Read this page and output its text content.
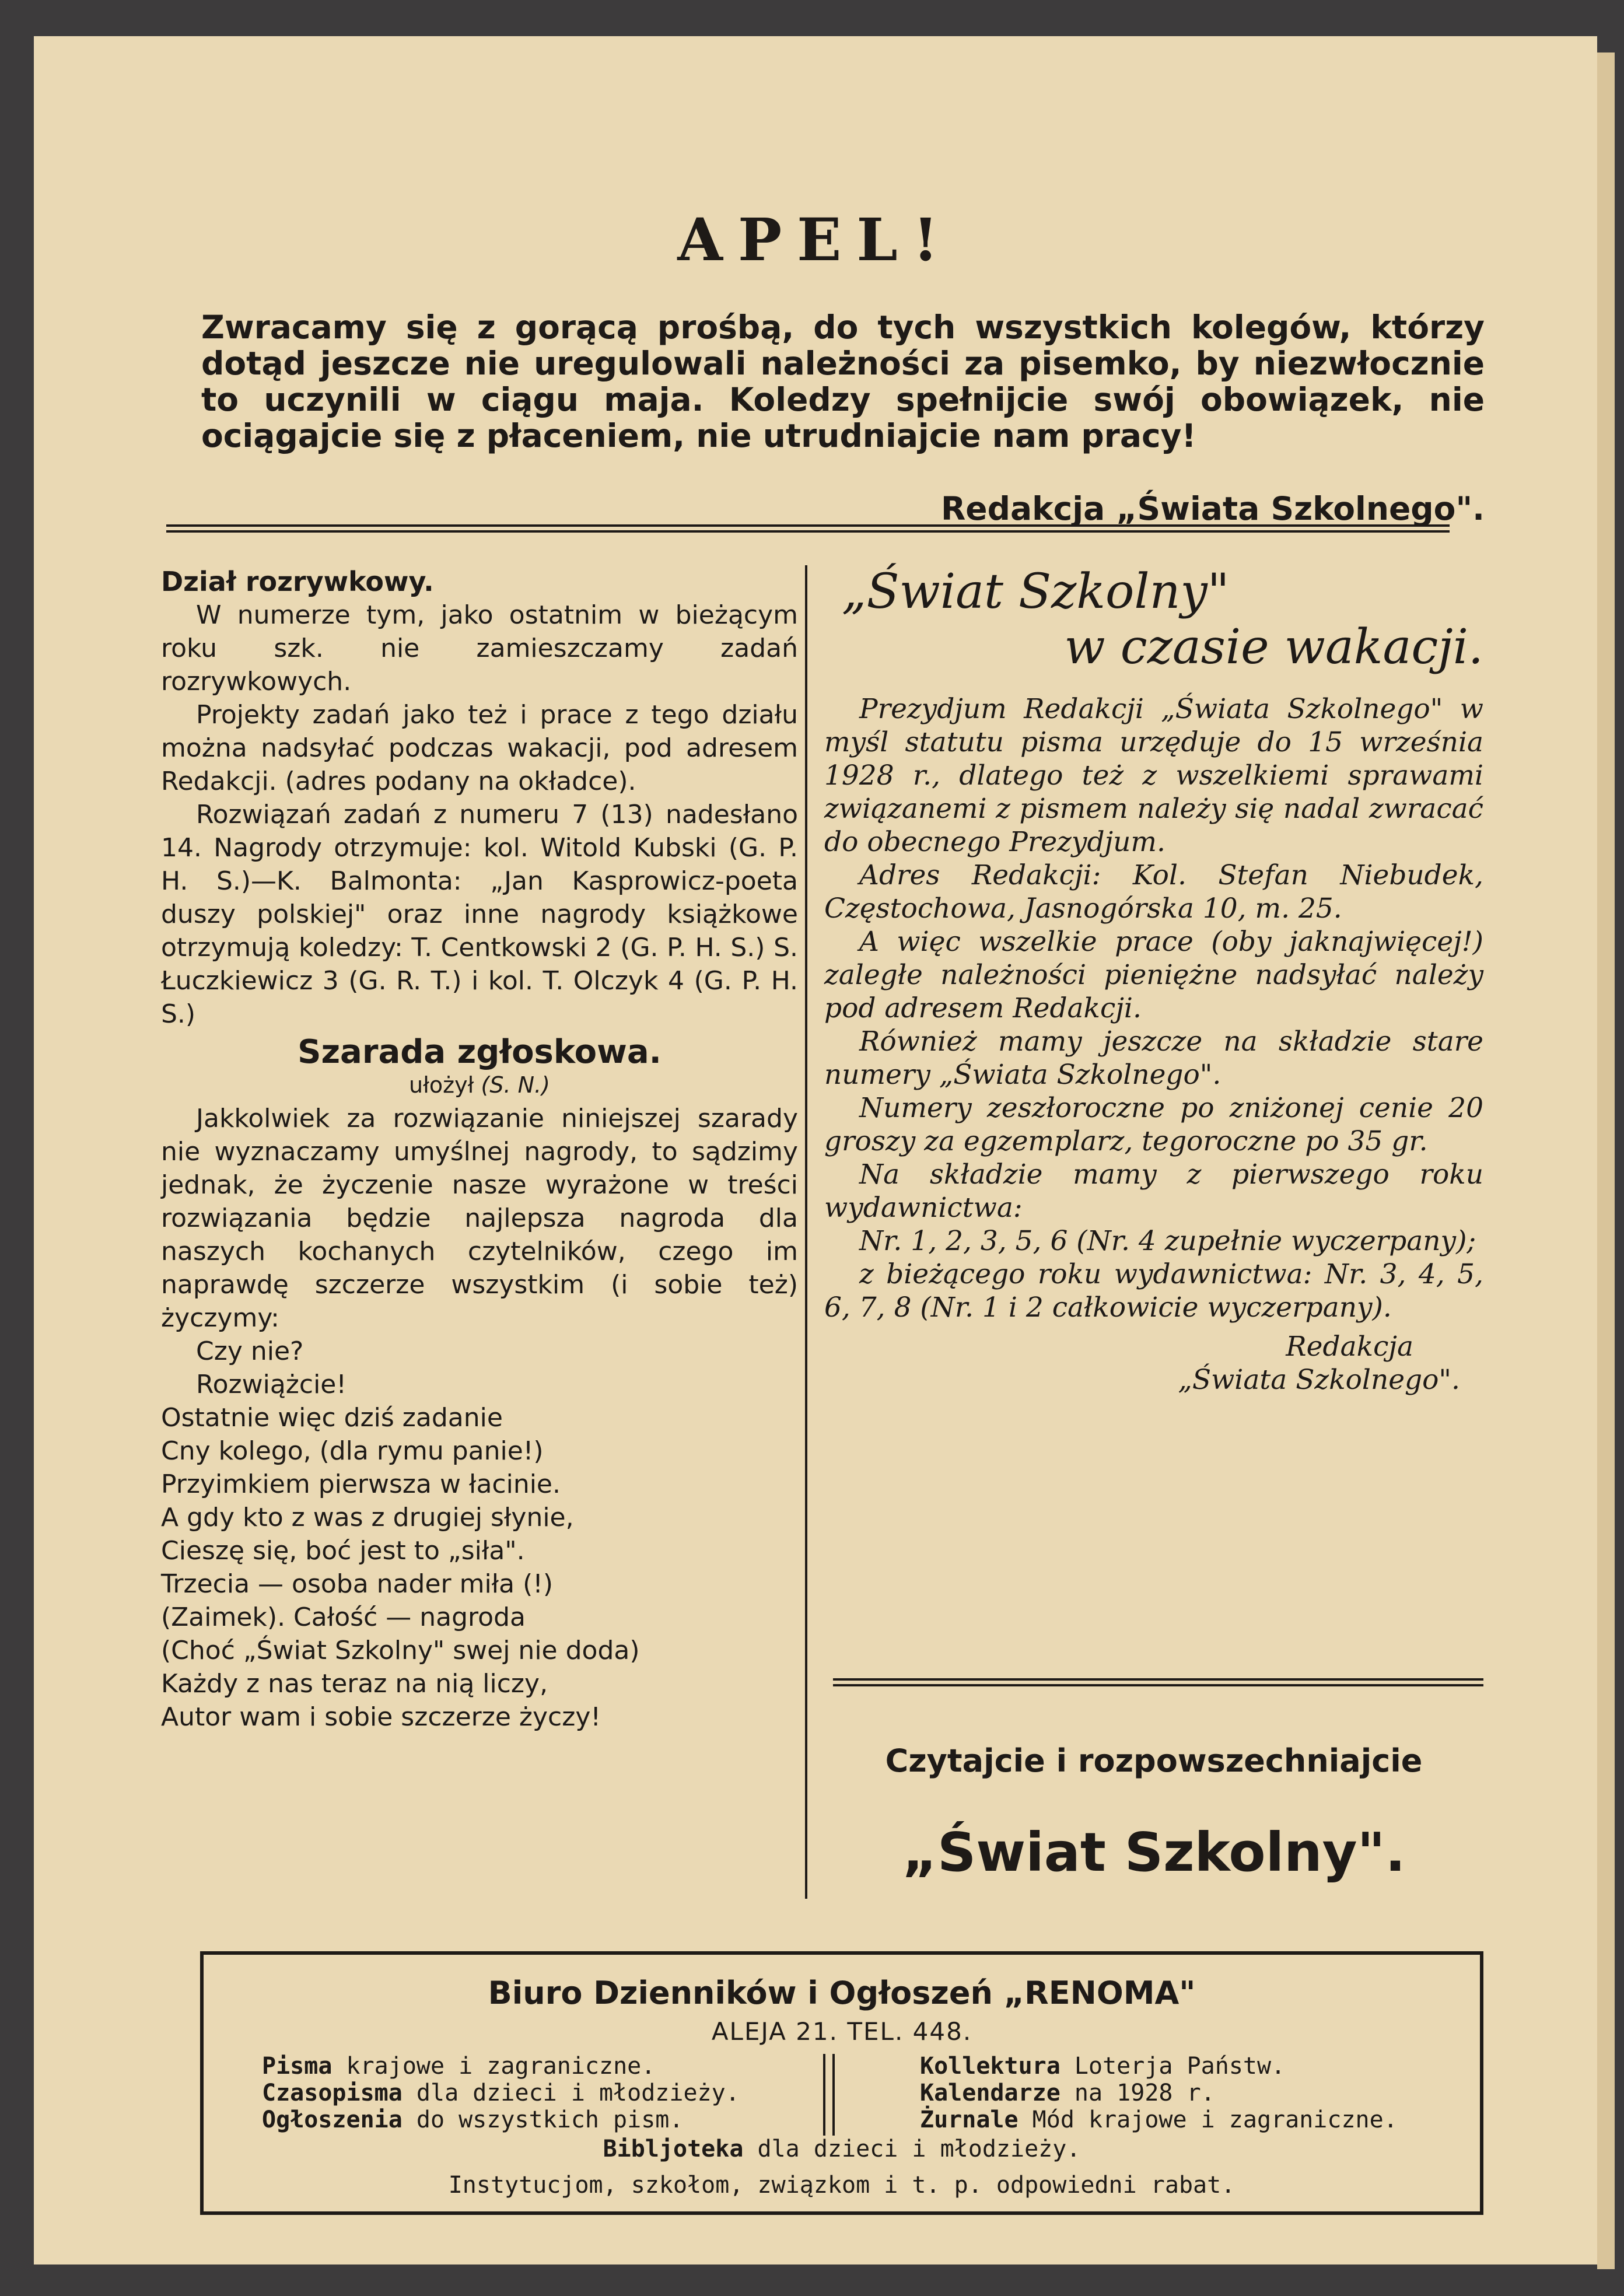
APEL!
Zwracamy się z gorącą prośbą, do tych wszystkich kolegów, którzy dotąd jeszcze nie uregulowali należności za pisemko, by niezwłocznie to uczynili w ciągu maja. Koledzy spełnijcie swój obowiązek, nie ociągajcie się z płaceniem, nie utrudniajcie nam pracy!
Redakcja „Świata Szkolnego".
Dział rozrywkowy.

W numerze tym, jako ostatnim w bieżącym roku szk. nie zamieszczamy zadań rozrywkowych.

Projekty zadań jako też i prace z tego działu można nadsyłać podczas wakacji, pod adresem Redakcji. (adres podany na okładce).

Rozwiązań zadań z numeru 7 (13) nadesłano 14. Nagrody otrzymuje: kol. Witold Kubski (G. P. H. S.)—K. Balmonta: „Jan Kasprowicz-poeta duszy polskiej" oraz inne nagrody książkowe otrzymują koledzy: T. Centkowski 2 (G. P. H. S.) S. Łuczkiewicz 3 (G. R. T.) i kol. T. Olczyk 4 (G. P. H. S.)

Szarada zgłoskowa.
ułożył (S. N.)

Jakkolwiek za rozwiązanie niniejszej szarady nie wyznaczamy umyślnej nagrody, to sądzimy jednak, że życzenie nasze wyrażone w treści rozwiązania będzie najlepsza nagroda dla naszych kochanych czytelników, czego im naprawdę szczerze wszystkim (i sobie też) życzymy:

Czy nie?

Rozwiążcie!

Ostatnie więc dziś zadanie

Cny kolego, (dla rymu panie!)

Przyimkiem pierwsza w łacinie.

A gdy kto z was z drugiej słynie,

Cieszę się, boć jest to „siła".

Trzecia — osoba nader miła (!)

(Zaimek). Całość — nagroda

(Choć „Świat Szkolny" swej nie doda)

Każdy z nas teraz na nią liczy,

Autor wam i sobie szczerze życzy!

„Świat Szkolny"
w czasie wakacji.

Prezydjum Redakcji „Świata Szkolnego" w myśl statutu pisma urzęduje do 15 września 1928 r., dlatego też z wszelkiemi sprawami związanemi z pismem należy się nadal zwracać do obecnego Prezydjum.

Adres Redakcji: Kol. Stefan Niebudek, Częstochowa, Jasnogórska 10, m. 25.

A więc wszelkie prace (oby jaknajwięcej!) zaległe należności pieniężne nadsyłać należy pod adresem Redakcji.

Również mamy jeszcze na składzie stare numery „Świata Szkolnego".

Numery zeszłoroczne po zniżonej cenie 20 groszy za egzemplarz, tegoroczne po 35 gr.

Na składzie mamy z pierwszego roku wydawnictwa:

Nr. 1, 2, 3, 5, 6 (Nr. 4 zupełnie wyczerpany);

z bieżącego roku wydawnictwa: Nr. 3, 4, 5, 6, 7, 8 (Nr. 1 i 2 całkowicie wyczerpany).

Redakcja

„Świata Szkolnego".

Czytajcie i rozpowszechniajcie
„Świat Szkolny".
Biuro Dzienników i Ogłoszeń „RENOMA"
ALEJA 21. TEL. 448.
Pisma krajowe i zagraniczne.
Czasopisma dla dzieci i młodzieży.
Ogłoszenia do wszystkich pism.
Kollektura Loterja Państw.
Kalendarze na 1928 r.
Żurnale Mód krajowe i zagraniczne.
Bibljoteka dla dzieci i młodzieży.
Instytucjom, szkołom, związkom i t. p. odpowiedni rabat.
